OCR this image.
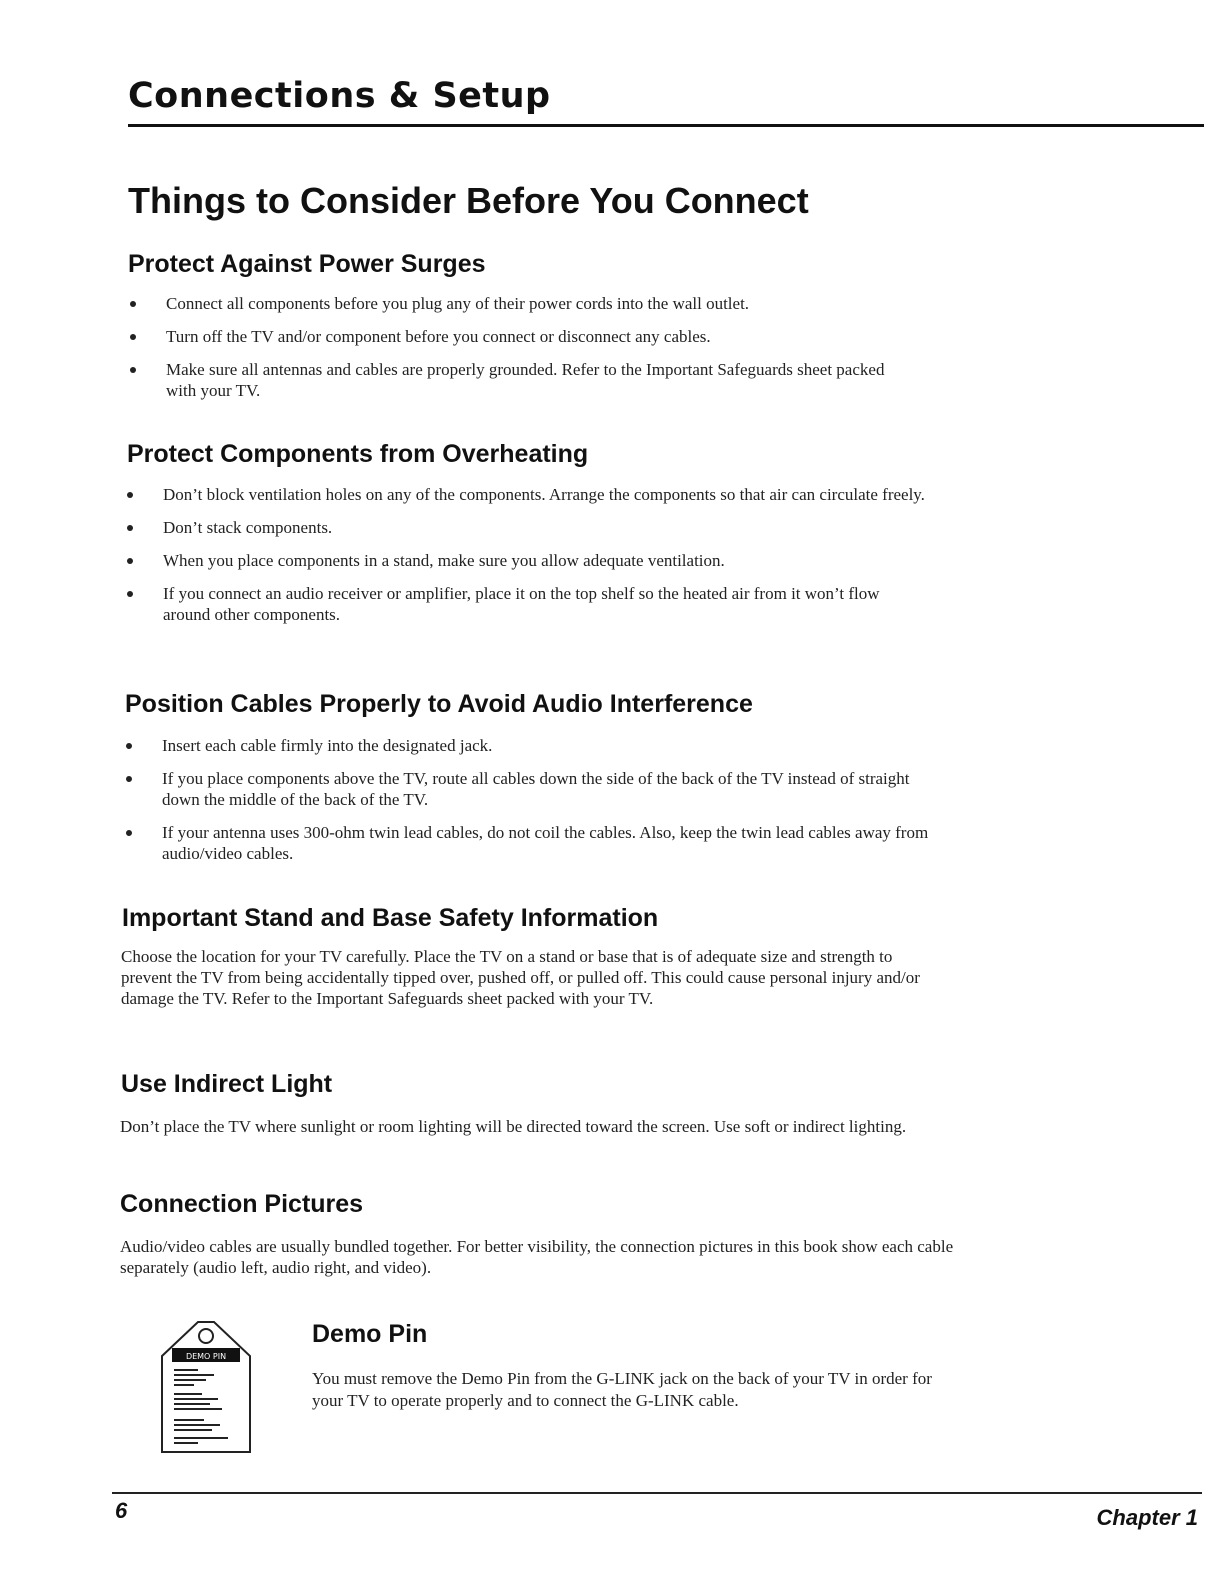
Connections & Setup
Things to Consider Before You Connect
Protect Against Power Surges
Connect all components before you plug any of their power cords into the wall outlet.
Turn off the TV and/or component before you connect or disconnect any cables.
Make sure all antennas and cables are properly grounded. Refer to the Important Safeguards sheet packed with your TV.
Protect Components from Overheating
Don’t block ventilation holes on any of the components. Arrange the components so that air can circulate freely.
Don’t stack components.
When you place components in a stand, make sure you allow adequate ventilation.
If you connect an audio receiver or amplifier, place it on the top shelf so the heated air from it won’t flow around other components.
Position Cables Properly to Avoid Audio Interference
Insert each cable firmly into the designated jack.
If you place components above the TV, route all cables down the side of the back of the TV instead of straight down the middle of the back of the TV.
If your antenna uses 300-ohm twin lead cables, do not coil the cables. Also, keep the twin lead cables away from audio/video cables.
Important Stand and Base Safety Information

Choose the location for your TV carefully. Place the TV on a stand or base that is of adequate size and strength to prevent the TV from being accidentally tipped over, pushed off, or pulled off. This could cause personal injury and/or damage the TV. Refer to the Important Safeguards sheet packed with your TV.

Use Indirect Light

Don’t place the TV where sunlight or room lighting will be directed toward the screen. Use soft or indirect lighting.

Connection Pictures

Audio/video cables are usually bundled together. For better visibility, the connection pictures in this book show each cable separately (audio left, audio right, and video).

DEMO PIN
Demo Pin

You must remove the Demo Pin from the G-LINK jack on the back of your TV in order for your TV to operate properly and to connect the G-LINK cable.

6	Chapter 1
